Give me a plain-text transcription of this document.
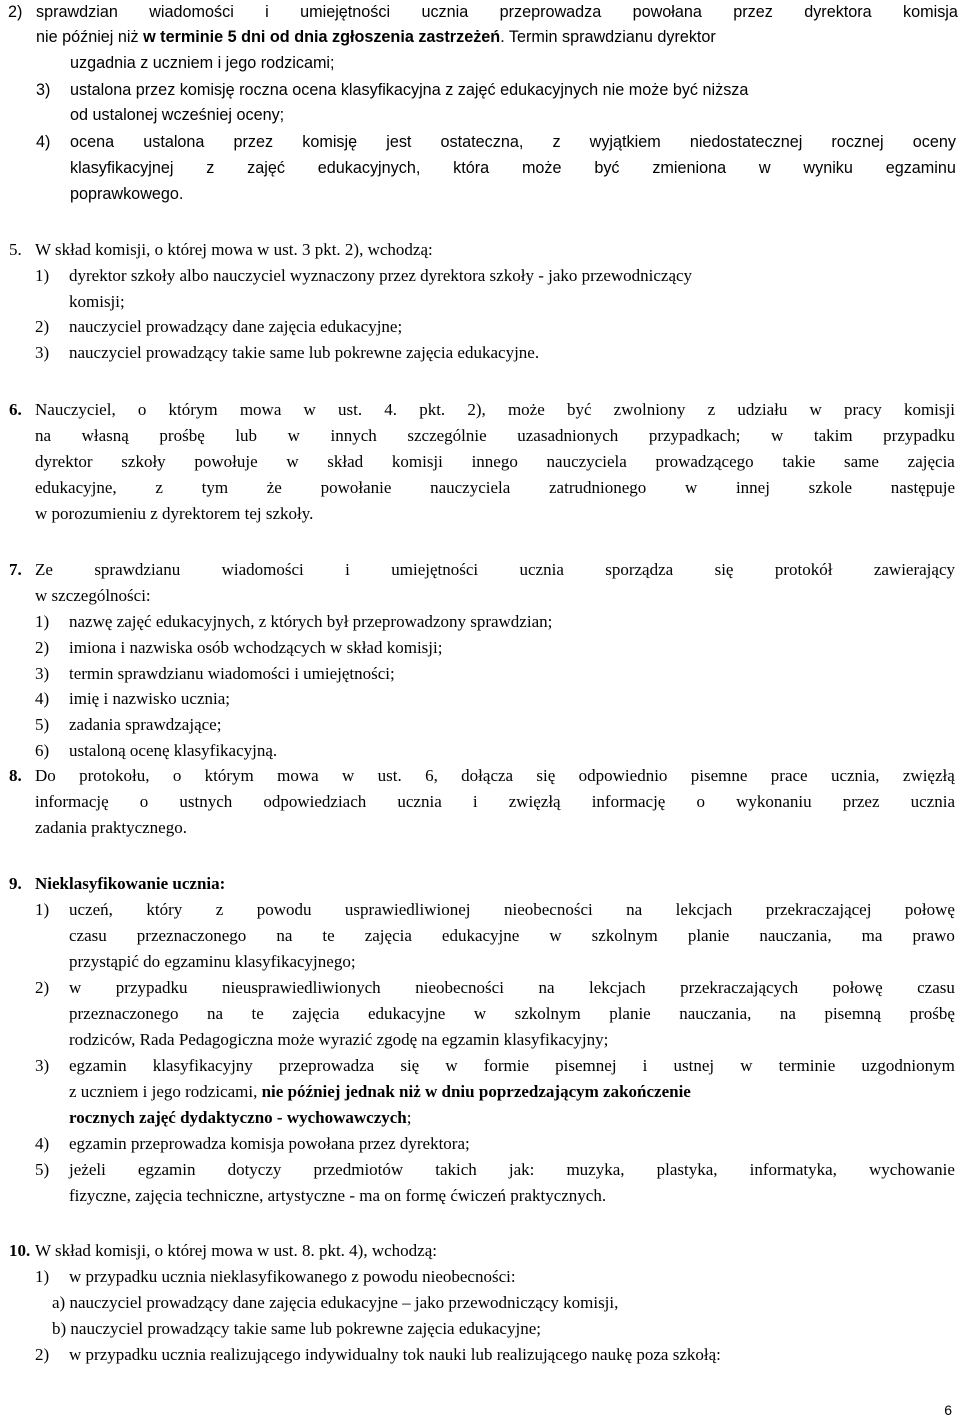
2) sprawdzian wiadomości i umiejętności ucznia przeprowadza powołana przez dyrektora komisja
nie później niż w terminie 5 dni od dnia zgłoszenia zastrzeżeń. Termin sprawdzianu dyrektor
uzgadnia z uczniem i jego rodzicami;
3) ustalona przez komisję roczna ocena klasyfikacyjna z zajęć edukacyjnych nie może być niższa
od ustalonej wcześniej oceny;
4) ocena ustalona przez komisję jest ostateczna, z wyjątkiem niedostatecznej rocznej oceny
klasyfikacyjnej z zajęć edukacyjnych, która może być zmieniona w wyniku egzaminu
poprawkowego.
5. W skład komisji, o której mowa w ust. 3 pkt. 2), wchodzą:
1) dyrektor szkoły albo nauczyciel wyznaczony przez dyrektora szkoły - jako przewodniczący
komisji;
2) nauczyciel prowadzący dane zajęcia edukacyjne;
3) nauczyciel prowadzący takie same lub pokrewne zajęcia edukacyjne.
6. Nauczyciel, o którym mowa w ust. 4. pkt. 2), może być zwolniony z udziału w pracy komisji
na własną prośbę lub w innych szczególnie uzasadnionych przypadkach; w takim przypadku
dyrektor szkoły powołuje w skład komisji innego nauczyciela prowadzącego takie same zajęcia
edukacyjne, z tym że powołanie nauczyciela zatrudnionego w innej szkole następuje
w porozumieniu z dyrektorem tej szkoły.
7. Ze sprawdzianu wiadomości i umiejętności ucznia sporządza się protokół zawierający
w szczególności:
1) nazwę zajęć edukacyjnych, z których był przeprowadzony sprawdzian;
2) imiona i nazwiska osób wchodzących w skład komisji;
3) termin sprawdzianu wiadomości i umiejętności;
4) imię i nazwisko ucznia;
5) zadania sprawdzające;
6) ustaloną ocenę klasyfikacyjną.
8. Do protokołu, o którym mowa w ust. 6, dołącza się odpowiednio pisemne prace ucznia, zwięzłą
informację o ustnych odpowiedziach ucznia i zwięzłą informację o wykonaniu przez ucznia
zadania praktycznego.
9. Nieklasyfikowanie ucznia:
1) uczeń, który z powodu usprawiedliwionej nieobecności na lekcjach przekraczającej połowę
czasu przeznaczonego na te zajęcia edukacyjne w szkolnym planie nauczania, ma prawo
przystąpić do egzaminu klasyfikacyjnego;
2) w przypadku nieusprawiedliwionych nieobecności na lekcjach przekraczających połowę czasu
przeznaczonego na te zajęcia edukacyjne w szkolnym planie nauczania, na pisemną prośbę
rodziców, Rada Pedagogiczna może wyrazić zgodę na egzamin klasyfikacyjny;
3) egzamin klasyfikacyjny przeprowadza się w formie pisemnej i ustnej w terminie uzgodnionym
z uczniem i jego rodzicami, nie później jednak niż w dniu poprzedzającym zakończenie
rocznych zajęć dydaktyczno - wychowawczych;
4) egzamin przeprowadza komisja powołana przez dyrektora;
5) jeżeli egzamin dotyczy przedmiotów takich jak: muzyka, plastyka, informatyka, wychowanie
fizyczne, zajęcia techniczne, artystyczne - ma on formę ćwiczeń praktycznych.
10. W skład komisji, o której mowa w ust. 8. pkt. 4), wchodzą:
1) w przypadku ucznia nieklasyfikowanego z powodu nieobecności:
a) nauczyciel prowadzący dane zajęcia edukacyjne – jako przewodniczący komisji,
b) nauczyciel prowadzący takie same lub pokrewne zajęcia edukacyjne;
2) w przypadku ucznia realizującego indywidualny tok nauki lub realizującego naukę poza szkołą:
6
